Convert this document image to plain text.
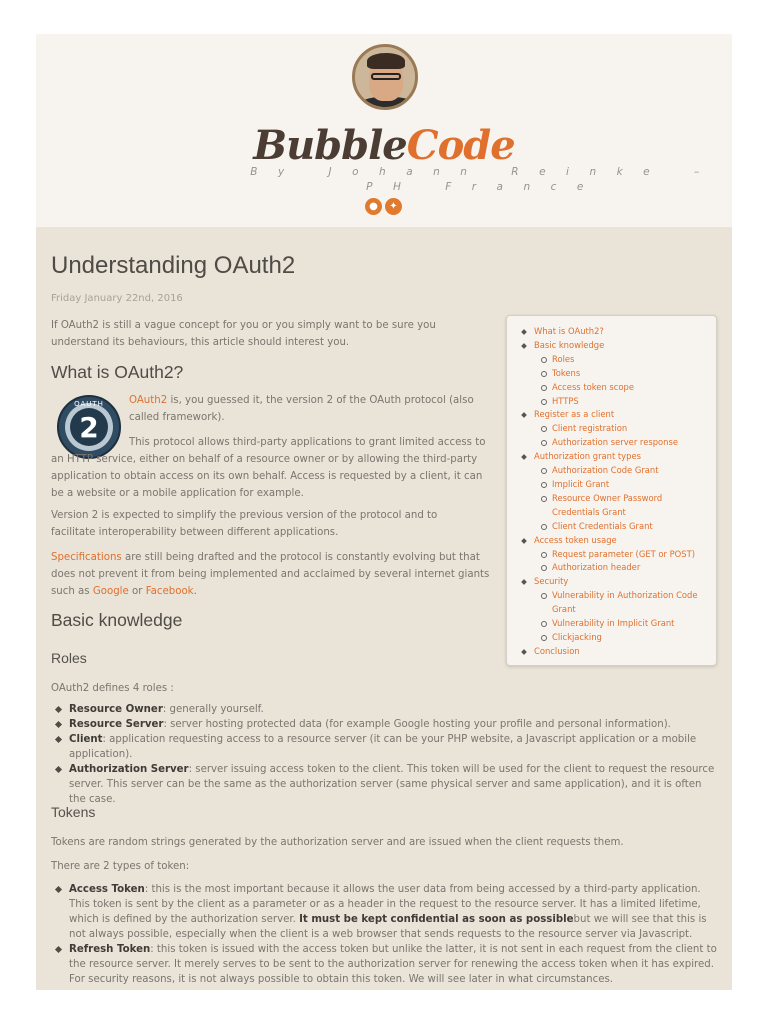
BubbleCode
By Johann Reinke – PH France
●	✦
Understanding OAuth2
Friday January 22nd, 2016

If OAuth2 is still a vague concept for you or you simply want to be sure you understand its behaviours, this article should interest you.

What is OAuth2?
2
OAUTH OAuth2 is, you guessed it, the version 2 of the OAuth protocol (also called framework).

This protocol allows third-party applications to grant limited access to an HTTP service, either on behalf of a resource owner or by allowing the third-party application to obtain access on its own behalf. Access is requested by a client, it can be a website or a mobile application for example.

Version 2 is expected to simplify the previous version of the protocol and to facilitate interoperability between different applications.

Specifications are still being drafted and the protocol is constantly evolving but that does not prevent it from being implemented and acclaimed by several internet giants such as Google or Facebook.

Basic knowledge
Roles

OAuth2 defines 4 roles :

Resource Owner: generally yourself.
Resource Server: server hosting protected data (for example Google hosting your profile and personal information).
Client: application requesting access to a resource server (it can be your PHP website, a Javascript application or a mobile application).
Authorization Server: server issuing access token to the client. This token will be used for the client to request the resource server. This server can be the same as the authorization server (same physical server and same application), and it is often the case.
Tokens

Tokens are random strings generated by the authorization server and are issued when the client requests them.

There are 2 types of token:

Access Token: this is the most important because it allows the user data from being accessed by a third-party application. This token is sent by the client as a parameter or as a header in the request to the resource server. It has a limited lifetime, which is defined by the authorization server. It must be kept confidential as soon as possiblebut we will see that this is not always possible, especially when the client is a web browser that sends requests to the resource server via Javascript.
Refresh Token: this token is issued with the access token but unlike the latter, it is not sent in each request from the client to the resource server. It merely serves to be sent to the authorization server for renewing the access token when it has expired. For security reasons, it is not always possible to obtain this token. We will see later in what circumstances.
What is OAuth2?
Basic knowledge
Roles
Tokens
Access token scope
HTTPS
Register as a client
Client registration
Authorization server response
Authorization grant types
Authorization Code Grant
Implicit Grant
Resource Owner Password Credentials Grant
Client Credentials Grant
Access token usage
Request parameter (GET or POST)
Authorization header
Security
Vulnerability in Authorization Code Grant
Vulnerability in Implicit Grant
Clickjacking
Conclusion
